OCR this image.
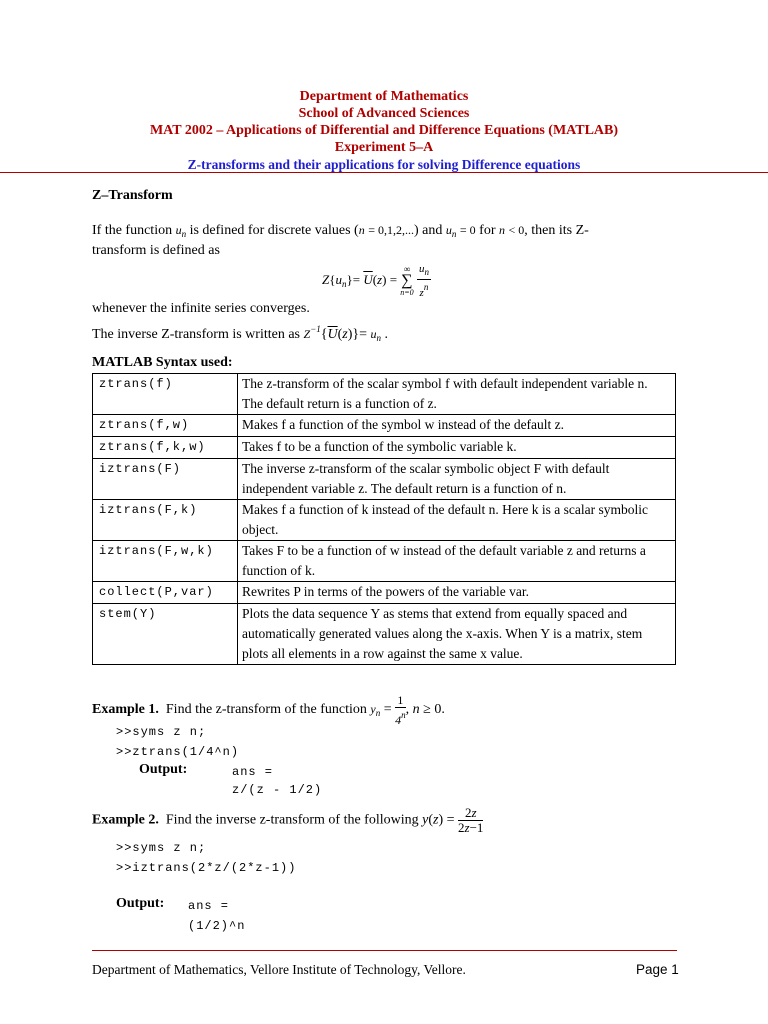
Department of Mathematics
School of Advanced Sciences
MAT 2002 – Applications of Differential and Difference Equations (MATLAB)
Experiment 5–A
Z-transforms and their applications for solving Difference equations
Z–Transform
If the function $u_n$ is defined for discrete values (n = 0,1,2,...) and $u_n = 0$ for n < 0, then its Z-
transform is defined as
$Z\{u_n\}= \overline{U}(z)$ =
∞
∑
n=0
$\frac{u_n}{z^n}$
whenever the infinite series converges.
The inverse Z-transform is written as $Z^{-1}\{\overline{U}(z)\}= u_n$ .
MATLAB Syntax used:
ztrans(f)	The z-transform of the scalar symbol f with default independent variable n. The default return is a function of z.
ztrans(f,w)	Makes f a function of the symbol w instead of the default z.
ztrans(f,k,w)	Takes f to be a function of the symbolic variable k.
iztrans(F)	The inverse z-transform of the scalar symbolic object F with default independent variable z. The default return is a function of n.
iztrans(F,k)	Makes f a function of k instead of the default n. Here k is a scalar symbolic object.
iztrans(F,w,k)	Takes F to be a function of w instead of the default variable z and returns a function of k.
collect(P,var)	Rewrites P in terms of the powers of the variable var.
stem(Y)	Plots the data sequence Y as stems that extend from equally spaced and automatically generated values along the x-axis. When Y is a matrix, stem plots all elements in a row against the same x value.
Example 1. Find the z-transform of the function $y_n = \frac{1}{4^n}$ , n ≥ 0.
>>syms z n;
>>ztrans(1/4^n)
Output:	ans =
z/(z - 1/2)
Example 2. Find the inverse z-transform of the following $y(z) = \frac{2z}{2z-1}$
>>syms z n;
>>iztrans(2*z/(2*z-1))
Output: ans =
(1/2)^n
Department of Mathematics, Vellore Institute of Technology, Vellore.	Page 1
